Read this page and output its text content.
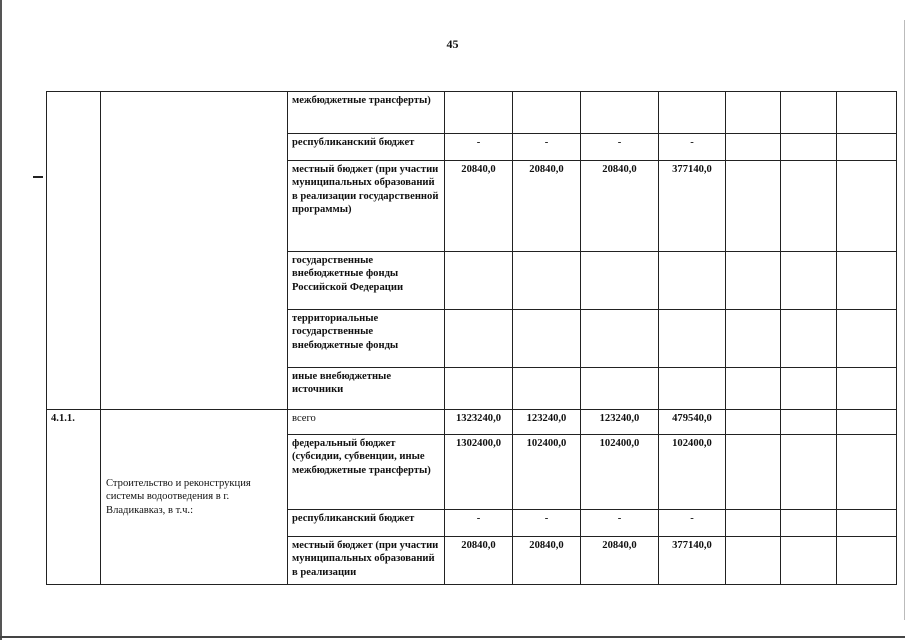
45
		межбюджетные трансферты)							
		республиканский бюджет	-	-	-	-			
		местный бюджет (при участии муниципальных образований в реализации государственной программы)	20840,0	20840,0	20840,0	377140,0			
		государственные внебюджетные фонды Российской Федерации							
		территориальные государственные внебюджетные фонды							
		иные внебюджетные источники							
4.1.1.	Строительство и реконструкция системы водоотведения в г. Владикавказ, в т.ч.:	всего	1323240,0	123240,0	123240,0	479540,0			
		федеральный бюджет (субсидии, субвенции, иные межбюджетные трансферты)	1302400,0	102400,0	102400,0	102400,0			
		республиканский бюджет	-	-	-	-			
		местный бюджет (при участии муниципальных образований в реализации	20840,0	20840,0	20840,0	377140,0			
